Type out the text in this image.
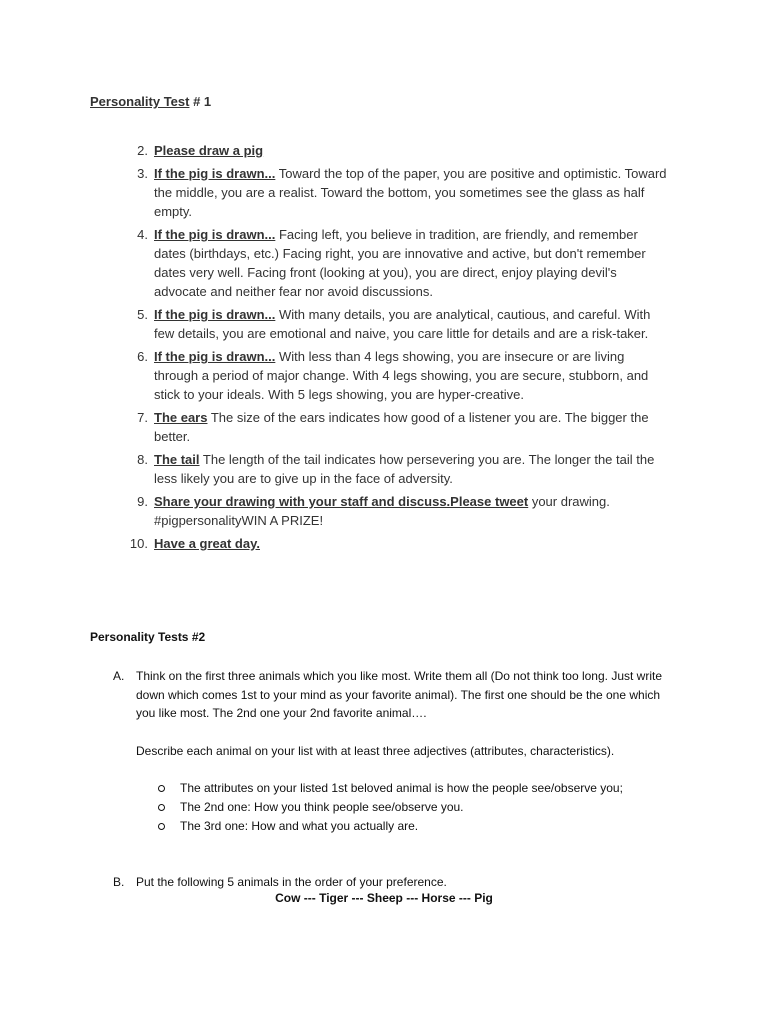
Personality Test # 1
2. Please draw a pig
3. If the pig is drawn... Toward the top of the paper, you are positive and optimistic. Toward the middle, you are a realist. Toward the bottom, you sometimes see the glass as half empty.
4. If the pig is drawn... Facing left, you believe in tradition, are friendly, and remember dates (birthdays, etc.) Facing right, you are innovative and active, but don't remember dates very well. Facing front (looking at you), you are direct, enjoy playing devil's advocate and neither fear nor avoid discussions.
5. If the pig is drawn... With many details, you are analytical, cautious, and careful. With few details, you are emotional and naive, you care little for details and are a risk-taker.
6. If the pig is drawn... With less than 4 legs showing, you are insecure or are living through a period of major change. With 4 legs showing, you are secure, stubborn, and stick to your ideals. With 5 legs showing, you are hyper-creative.
7. The ears The size of the ears indicates how good of a listener you are. The bigger the better.
8. The tail The length of the tail indicates how persevering you are. The longer the tail the less likely you are to give up in the face of adversity.
9. Share your drawing with your staff and discuss.Please tweet your drawing. #pigpersonalityWIN A PRIZE!
10. Have a great day.
Personality Tests #2
A. Think on the first three animals which you like most. Write them all (Do not think too long. Just write down which comes 1st to your mind as your favorite animal). The first one should be the one which you like most. The 2nd one your 2nd favorite animal….
Describe each animal on your list with at least three adjectives (attributes, characteristics).
The attributes on your listed 1st beloved animal is how the people see/observe you;
The 2nd one: How you think people see/observe you.
The 3rd one: How and what you actually are.
B. Put the following 5 animals in the order of your preference.
Cow --- Tiger --- Sheep --- Horse --- Pig
